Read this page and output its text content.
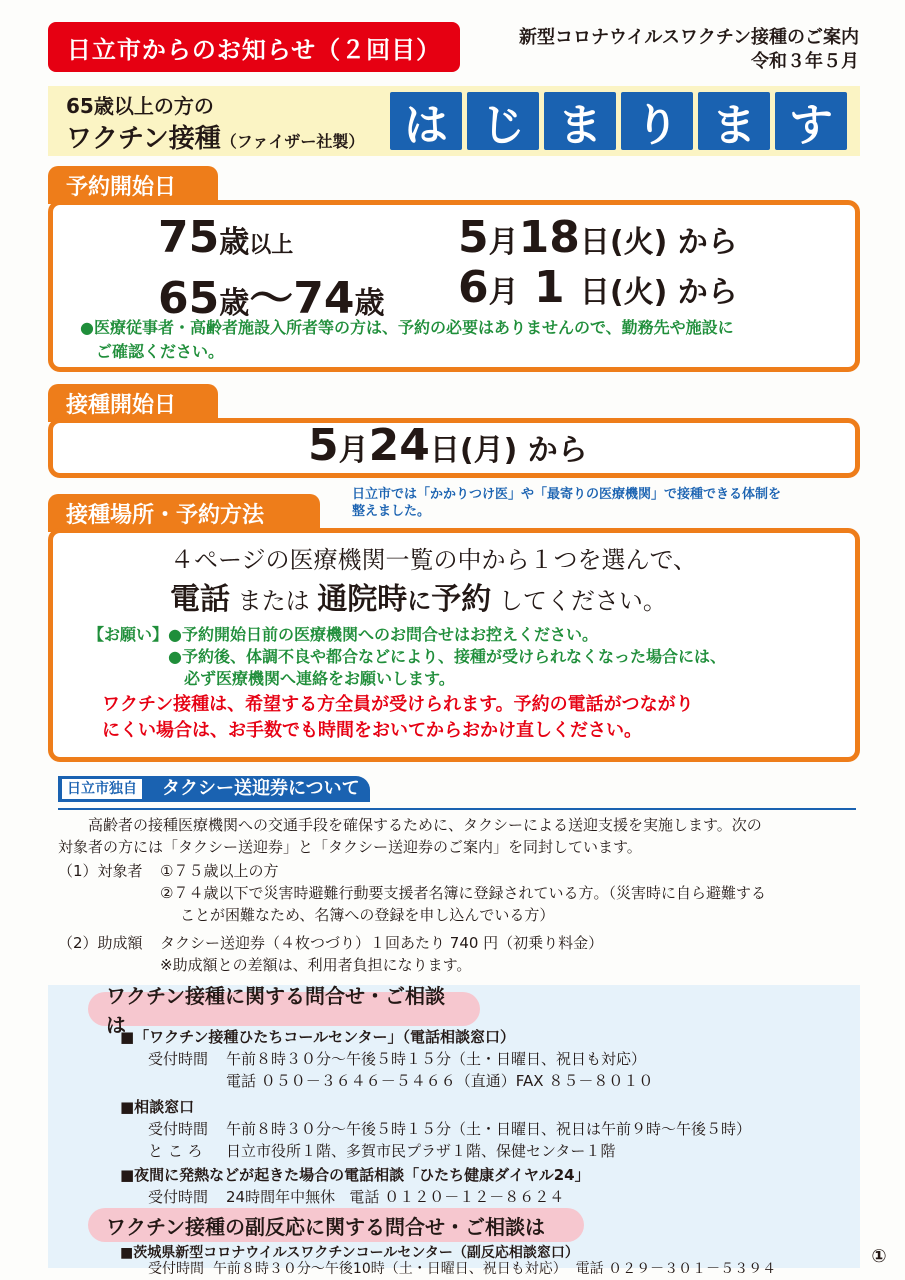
日立市からのお知らせ（２回目）	新型コロナウイルスワクチン接種のご案内
令和３年５月
65歳以上の方の
ワクチン接種（ファイザー社製） は じ ま り ま す
予約開始日
75歳以上	5月18日(火) から
65歳～74歳 6月 1 日(火) から
●医療従事者・高齢者施設入所者等の方は、予約の必要はありませんので、勤務先や施設に
ご確認ください。
接種開始日
5月24日(月) から
接種場所・予約方法
日立市では「かかりつけ医」や「最寄りの医療機関」で接種できる体制を
整えました。
４ページの医療機関一覧の中から１つを選んで、
電話 または 通院時に予約 してください。
【お願い】 ●予約開始日前の医療機関へのお問合せはお控えください。
●予約後、体調不良や都合などにより、接種が受けられなくなった場合には、
必ず医療機関へ連絡をお願いします。
ワクチン接種は、希望する方全員が受けられます。予約の電話がつながり
にくい場合は、お手数でも時間をおいてからおかけ直しください。
日立市独自 タクシー送迎券について
高齢者の接種医療機関への交通手段を確保するために、タクシーによる送迎支援を実施します。次の
対象者の方には「タクシー送迎券」と「タクシー送迎券のご案内」を同封しています。
（1）対象者 ①７５歳以上の方
②７４歳以下で災害時避難行動要支援者名簿に登録されている方。（災害時に自ら避難する
ことが困難なため、名簿への登録を申し込んでいる方）
（2）助成額 タクシー送迎券（４枚つづり）１回あたり 740 円（初乗り料金）
※助成額との差額は、利用者負担になります。
ワクチン接種に関する問合せ・ご相談は
■「ワクチン接種ひたちコールセンター」（電話相談窓口）
受付時間 午前８時３０分～午後５時１５分（土・日曜日、祝日も対応）
電話 ０５０－３６４６－５４６６（直通）FAX ８５－８０１０
■相談窓口
受付時間 午前８時３０分～午後５時１５分（土・日曜日、祝日は午前９時～午後５時）
と こ ろ 日立市役所１階、多賀市民プラザ１階、保健センター１階
■夜間に発熱などが起きた場合の電話相談「ひたち健康ダイヤル24」
受付時間 24時間年中無休 電話 ０１２０－１２－８６２４
ワクチン接種の副反応に関する問合せ・ご相談は
■茨城県新型コロナウイルスワクチンコールセンター（副反応相談窓口）
受付時間 午前８時３０分～午後10時（土・日曜日、祝日も対応） 電話 ０２９－３０１－５３９４
①
